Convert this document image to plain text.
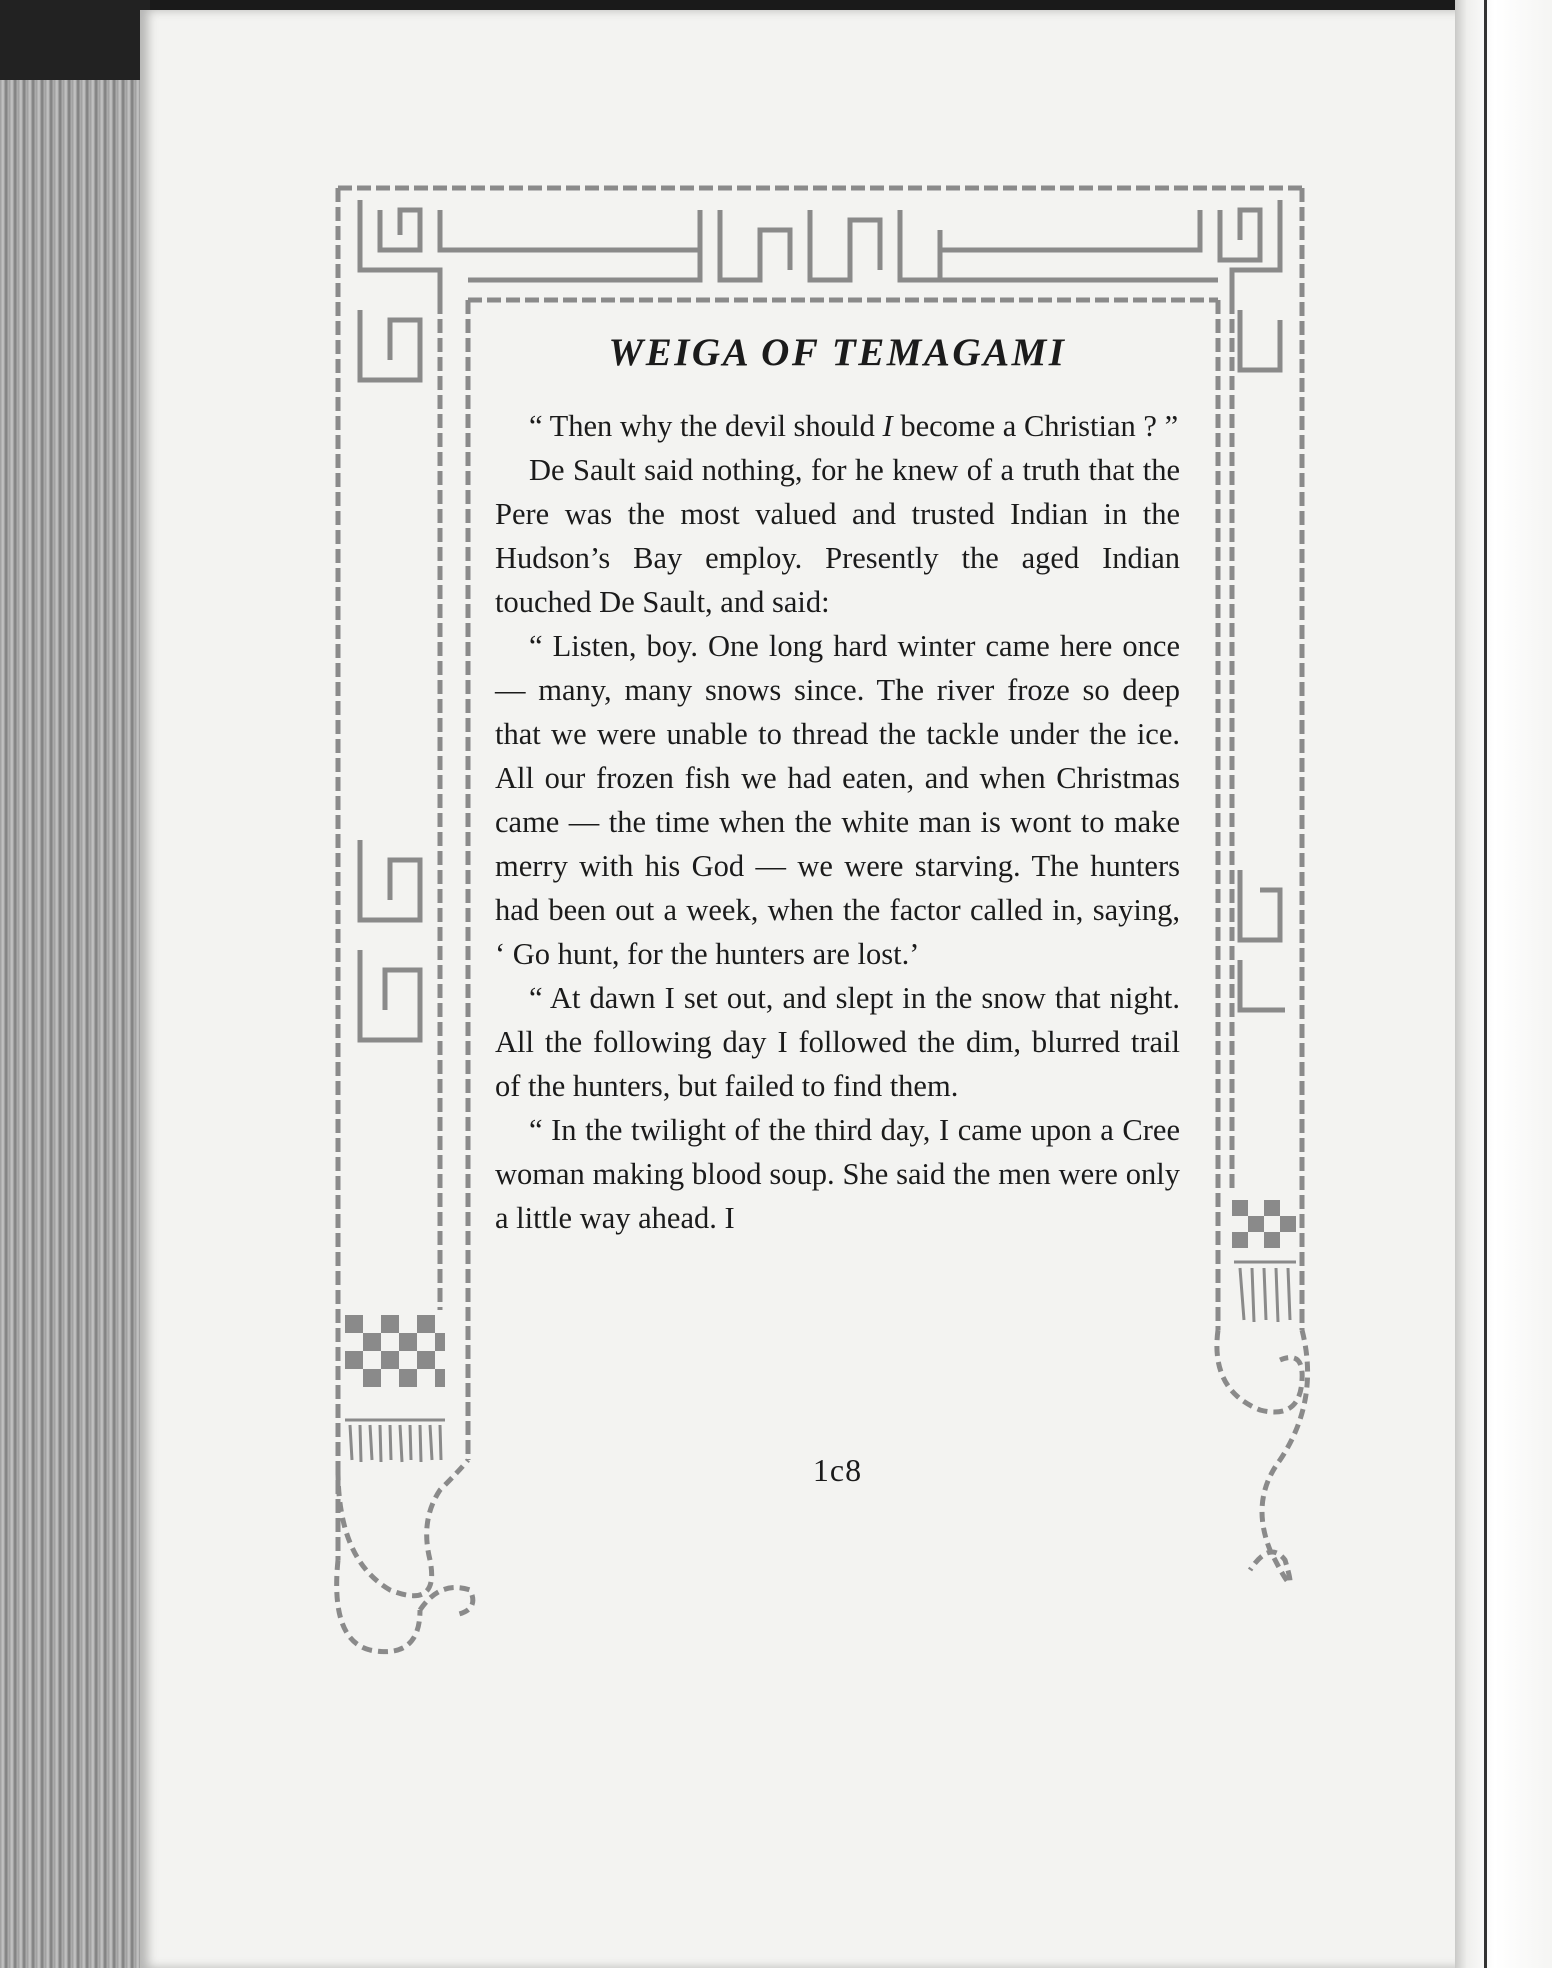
WEIGA OF TEMAGAMI

“ Then why the devil should I become a Christian ? ”

De Sault said nothing, for he knew of a truth that the Pere was the most valued and trusted Indian in the Hudson’s Bay employ. Presently the aged Indian touched De Sault, and said:

“ Listen, boy. One long hard winter came here once — many, many snows since. The river froze so deep that we were unable to thread the tackle under the ice. All our frozen fish we had eaten, and when Christmas came — the time when the white man is wont to make merry with his God — we were starving. The hunters had been out a week, when the factor called in, saying, ‘ Go hunt, for the hunters are lost.’

“ At dawn I set out, and slept in the snow that night. All the following day I followed the dim, blurred trail of the hunters, but failed to find them.

“ In the twilight of the third day, I came upon a Cree woman making blood soup. She said the men were only a little way ahead. I

1c8
